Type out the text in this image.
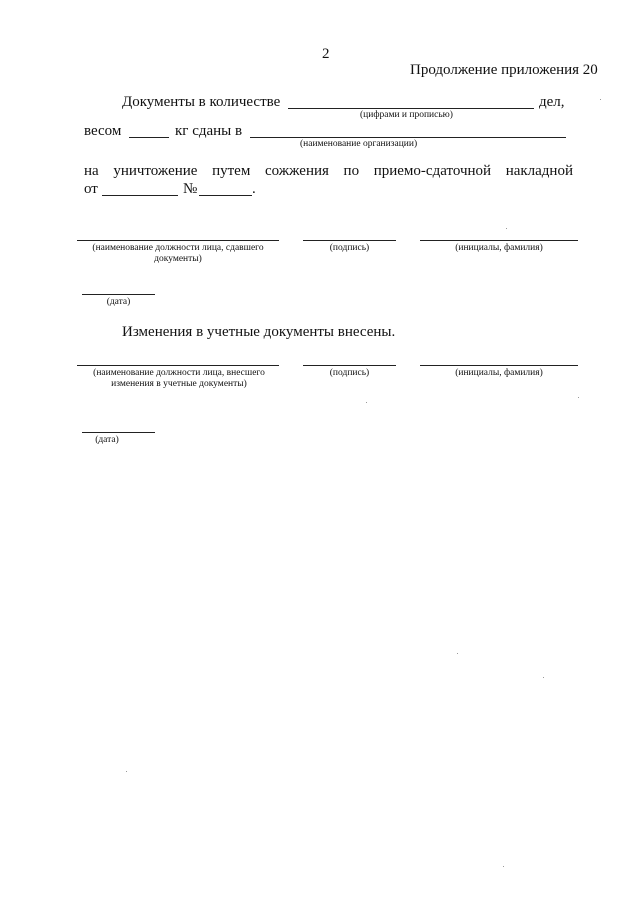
2
Продолжение приложения 20
Документы в количестве	дел,
(цифрами и прописью)
весом	кг сданы в
(наименование организации)
на уничтожение путем сожжения по приемо-сдаточной накладной
от	№	.
(наименование должности лица, сдавшего документы)
(подпись)	(инициалы, фамилия)
(дата)
Изменения в учетные документы внесены.
(наименование должности лица, внесшего изменения в учетные документы)
(подпись)	(инициалы, фамилия)
(дата)
